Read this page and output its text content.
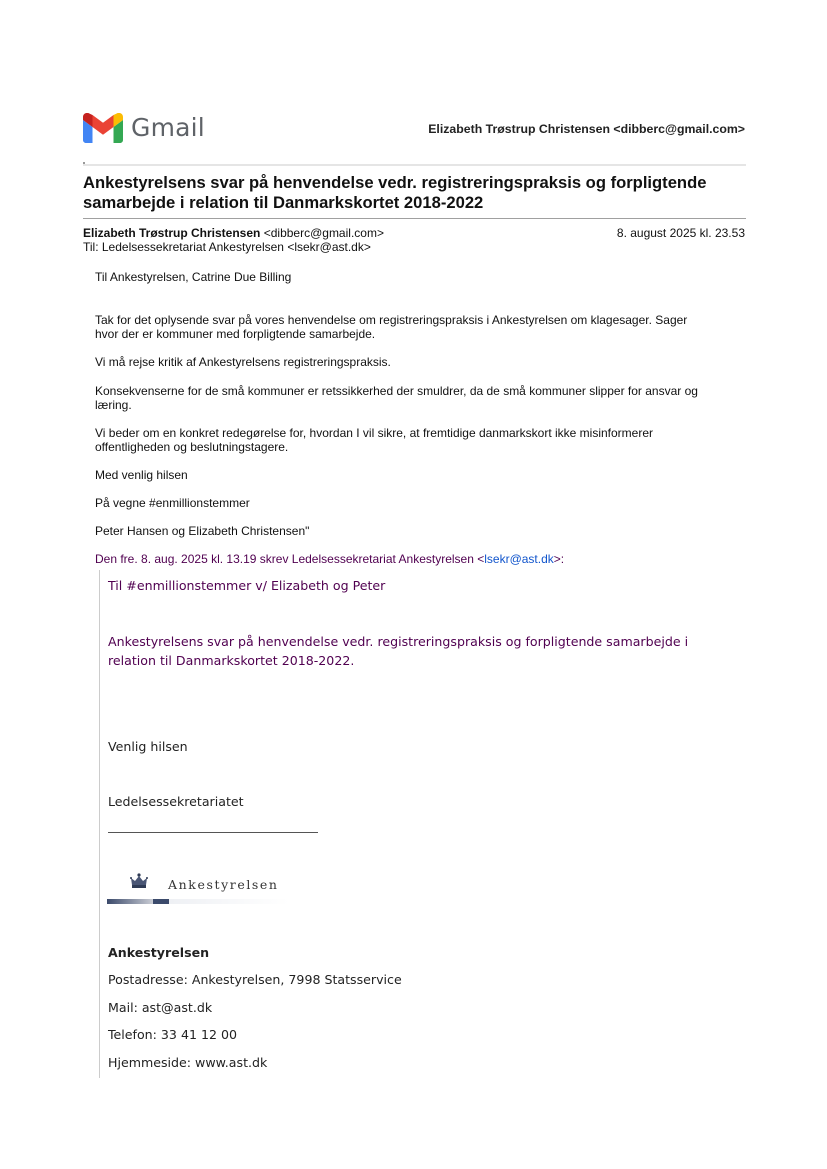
Gmail	Elizabeth Trøstrup Christensen <dibberc@gmail.com>
Ankestyrelsens svar på henvendelse vedr. registreringspraksis og forpligtende samarbejde i relation til Danmarkskortet 2018-2022
Elizabeth Trøstrup Christensen <dibberc@gmail.com>
Til: Ledelsessekretariat Ankestyrelsen <lsekr@ast.dk>
8. august 2025 kl. 23.53
Til Ankestyrelsen, Catrine Due Billing
Tak for det oplysende svar på vores henvendelse om registreringspraksis i Ankestyrelsen om klagesager. Sager hvor der er kommuner med forpligtende samarbejde.
Vi må rejse kritik af Ankestyrelsens registreringspraksis.
Konsekvenserne for de små kommuner er retssikkerhed der smuldrer, da de små kommuner slipper for ansvar og læring.
Vi beder om en konkret redegørelse for, hvordan I vil sikre, at fremtidige danmarkskort ikke misinformerer offentligheden og beslutningstagere.
Med venlig hilsen
På vegne #enmillionstemmer
Peter Hansen og Elizabeth Christensen"
Den fre. 8. aug. 2025 kl. 13.19 skrev Ledelsessekretariat Ankestyrelsen <lsekr@ast.dk>:
Til #enmillionstemmer v/ Elizabeth og Peter
Ankestyrelsens svar på henvendelse vedr. registreringspraksis og forpligtende samarbejde i relation til Danmarkskortet 2018-2022.
Venlig hilsen
Ledelsessekretariatet
Ankestyrelsen
Ankestyrelsen
Postadresse: Ankestyrelsen, 7998 Statsservice
Mail: ast@ast.dk
Telefon: 33 41 12 00
Hjemmeside: www.ast.dk
